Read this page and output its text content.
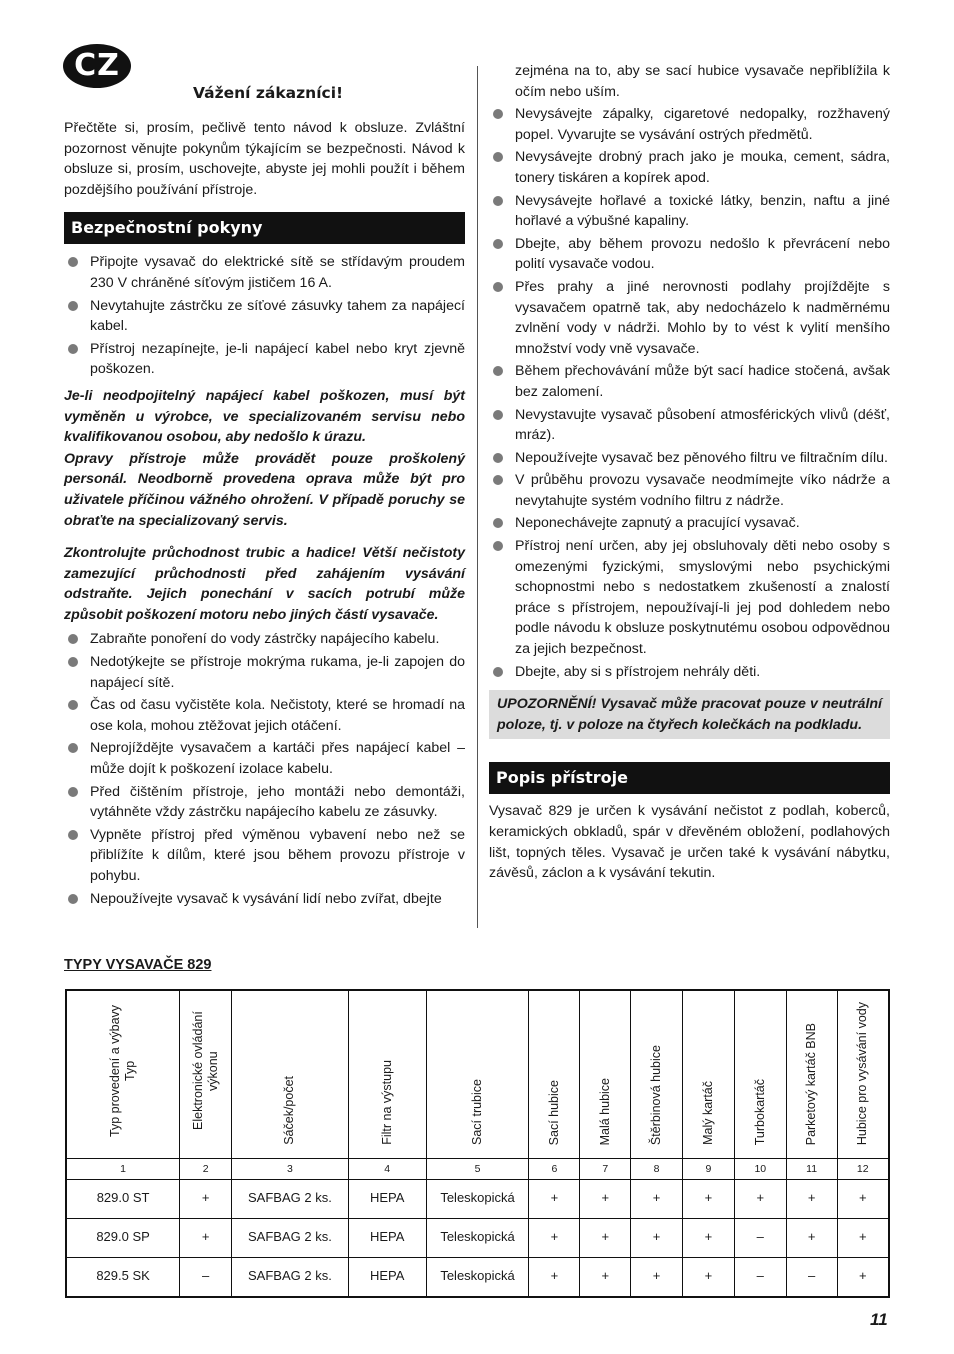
CZ
Vážení zákazníci!

Přečtěte si, prosím, pečlivě tento návod k obsluze. Zvláštní pozornost věnujte pokynům týkajícím se bezpečnosti. Návod k obsluze si, prosím, uschovejte, abyste jej mohli použít i během pozdějšího používání přístroje.

Bezpečnostní pokyny
Připojte vysavač do elektrické sítě se střídavým proudem 230 V chráněné síťovým jističem 16 A.
Nevytahujte zástrčku ze síťové zásuvky tahem za napájecí kabel.
Přístroj nezapínejte, je-li napájecí kabel nebo kryt zjevně poškozen.

Je-li neodpojitelný napájecí kabel poškozen, musí být vyměněn u výrobce, ve specializovaném servisu nebo kvalifikovanou osobou, aby nedošlo k úrazu.

Opravy přístroje může provádět pouze proškolený personál. Neodborně provedena oprava může být pro uživatele příčinou vážného ohrožení. V případě poruchy se obraťte na specializovaný servis.

Zkontrolujte průchodnost trubic a hadice! Větší nečistoty zamezující průchodnosti před zahájením vysávání odstraňte. Jejich ponechání v sacích potrubí může způsobit poškození motoru nebo jiných částí vysavače.

Zabraňte ponoření do vody zástrčky napájecího kabelu.
Nedotýkejte se přístroje mokrýma rukama, je-li zapojen do napájecí sítě.
Čas od času vyčistěte kola. Nečistoty, které se hromadí na ose kola, mohou ztěžovat jejich otáčení.
Neprojíždějte vysavačem a kartáči přes napájecí kabel – může dojít k poškození izolace kabelu.
Před čištěním přístroje, jeho montáži nebo demontáži, vytáhněte vždy zástrčku napájecího kabelu ze zásuvky.
Vypněte přístroj před výměnou vybavení nebo než se přiblížíte k dílům, které jsou během provozu přístroje v pohybu.
Nepoužívejte vysavač k vysávání lidí nebo zvířat, dbejte

zejména na to, aby se sací hubice vysavače nepřiblížila k očím nebo uším.

Nevysávejte zápalky, cigaretové nedopalky, rozžhavený popel. Vyvarujte se vysávání ostrých předmětů.
Nevysávejte drobný prach jako je mouka, cement, sádra, tonery tiskáren a kopírek apod.
Nevysávejte hořlavé a toxické látky, benzin, naftu a jiné hořlavé a výbušné kapaliny.
Dbejte, aby během provozu nedošlo k převrácení nebo polití vysavače vodou.
Přes prahy a jiné nerovnosti podlahy projíždějte s vysavačem opatrně tak, aby nedocházelo k nadměrnému zvlnění vody v nádrži. Mohlo by to vést k vylití menšího množství vody vně vysavače.
Během přechovávání může být sací hadice stočená, avšak bez zalomení.
Nevystavujte vysavač působení atmosférických vlivů (déšť, mráz).
Nepoužívejte vysavač bez pěnového filtru ve filtračním dílu.
V průběhu provozu vysavače neodmímejte víko nádrže a nevytahujte systém vodního filtru z nádrže.
Neponechávejte zapnutý a pracující vysavač.
Přístroj není určen, aby jej obsluhovaly děti nebo osoby s omezenými fyzickými, smyslovými nebo psychickými schopnostmi nebo s nedostatkem zkušeností a znalostí práce s přístrojem, nepoužívají-li jej pod dohledem nebo podle návodu k obsluze poskytnutému osobou odpovědnou za jejich bezpečnost.
Dbejte, aby si s přístrojem nehrály děti.
UPOZORNĚNÍ! Vysavač může pracovat pouze v neutrální poloze, tj. v poloze na čtyřech kolečkách na podkladu.
Popis přístroje

Vysavač 829 je určen k vysávání nečistot z podlah, koberců, keramických obkladů, spár v dřevěném obložení, podlahových lišt, topných těles. Vysavač je určen také k vysávání nábytku, závěsů, záclon a k vysávání tekutin.

TYPY VYSAVAČE 829
Typ provedení a výbavy Typ	Elektronické ovládání výkonu	Sáček/počet	Filtr na výstupu	Sací trubice	Sací hubice	Malá hubice	Štěrbinová hubice	Malý kartáč	Turbokartáč	Parketový kartáč BNB	Hubice pro vysávání vody
1	2	3	4	5	6	7	8	9	10	11	12
829.0 ST	+	SAFBAG 2 ks.	HEPA	Teleskopická	+	+	+	+	+	+	+
829.0 SP	+	SAFBAG 2 ks.	HEPA	Teleskopická	+	+	+	+	–	+	+
829.5 SK	–	SAFBAG 2 ks.	HEPA	Teleskopická	+	+	+	+	–	–	+
11
